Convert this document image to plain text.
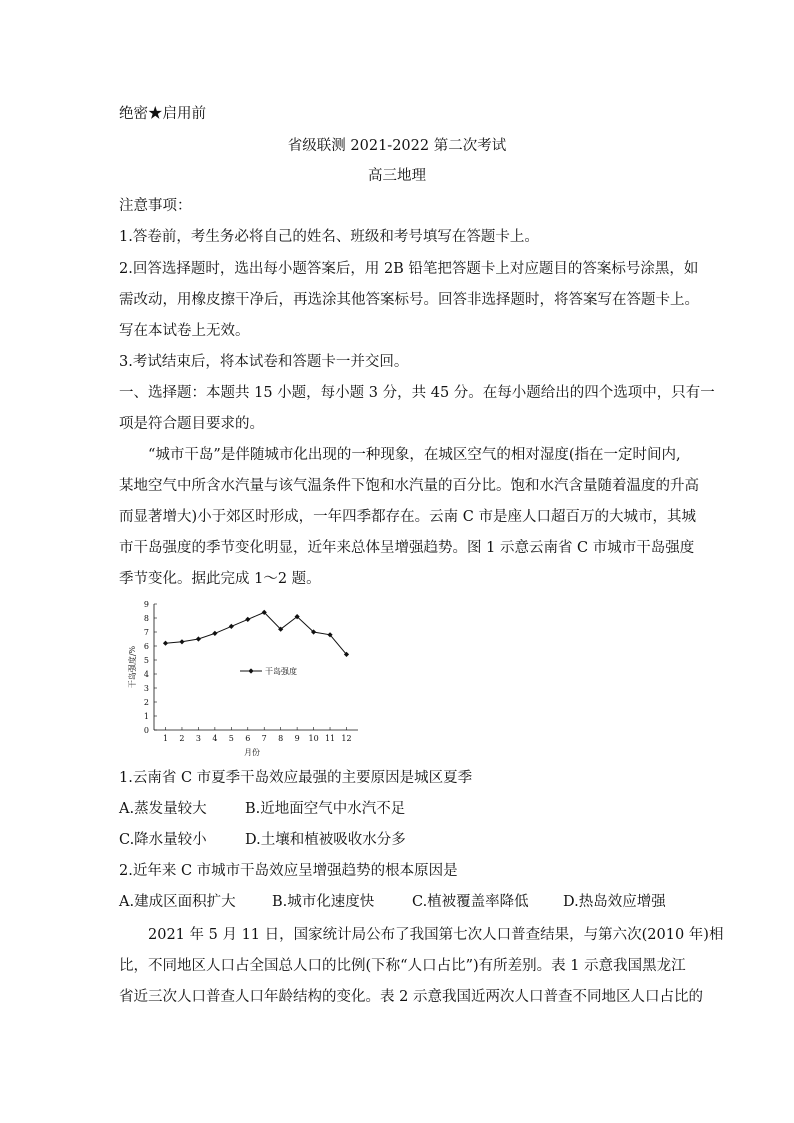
绝密★启用前
省级联测 2021-2022 第二次考试
高三地理
注意事项：
1.答卷前，考生务必将自己的姓名、班级和考号填写在答题卡上。
2.回答选择题时，选出每小题答案后，用 2B 铅笔把答题卡上对应题目的答案标号涂黑，如
需改动，用橡皮擦干净后，再选涂其他答案标号。回答非选择题时，将答案写在答题卡上。
写在本试卷上无效。
3.考试结束后，将本试卷和答题卡一并交回。
一、选择题：本题共 15 小题，每小题 3 分，共 45 分。在每小题给出的四个选项中，只有一
项是符合题目要求的。
“城市干岛”是伴随城市化出现的一种现象，在城区空气的相对湿度(指在一定时间内,
某地空气中所含水汽量与该气温条件下饱和水汽量的百分比。饱和水汽含量随着温度的升高
而显著增大)小于郊区时形成，一年四季都存在。云南 C 市是座人口超百万的大城市，其城
市干岛强度的季节变化明显，近年来总体呈增强趋势。图 1 示意云南省 C 市城市干岛强度
季节变化。据此完成 1～2 题。
0
1
2
3
4
5
6
7
8
9
1 2 3 4 5 6 7 8 9 10 11 12
月份
干岛强度/%	干岛强度
1.云南省 C 市夏季干岛效应最强的主要原因是城区夏季
A.蒸发量较大	B.近地面空气中水汽不足
C.降水量较小	D.土壤和植被吸收水分多
2.近年来 C 市城市干岛效应呈增强趋势的根本原因是
A.建成区面积扩大	B.城市化速度快	C.植被覆盖率降低 D.热岛效应增强
2021 年 5 月 11 日，国家统计局公布了我国第七次人口普查结果，与第六次(2010 年)相
比，不同地区人口占全国总人口的比例(下称“人口占比”)有所差别。表 1 示意我国黑龙江
省近三次人口普查人口年龄结构的变化。表 2 示意我国近两次人口普查不同地区人口占比的
